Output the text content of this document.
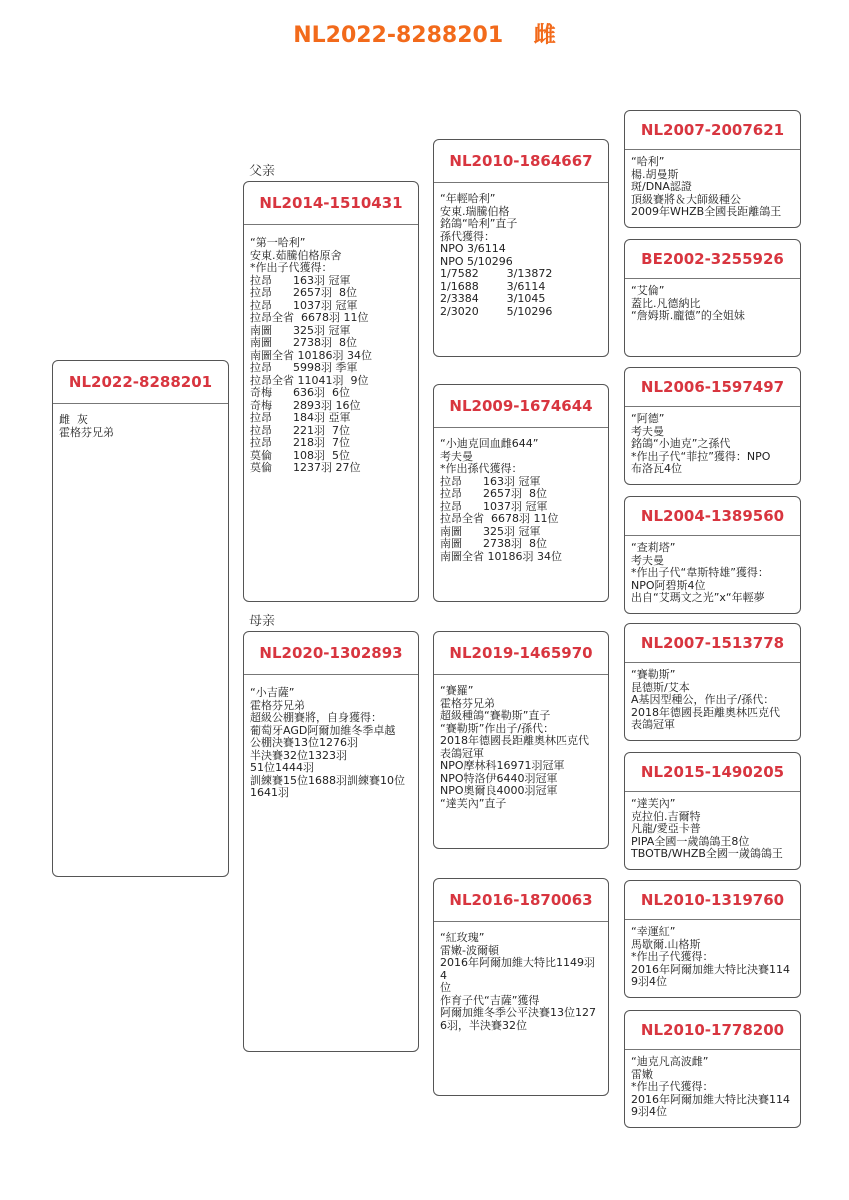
NL2022-8288201    雌
父亲
母亲
NL2022-8288201
雌  灰
霍格芬兄弟
NL2014-1510431
“第一哈利”
安東.茹騰伯格原舍
*作出子代獲得：
拉昂      163羽 冠軍
拉昂      2657羽  8位
拉昂      1037羽 冠軍
拉昂全省  6678羽 11位
南圖      325羽 冠軍
南圖      2738羽  8位
南圖全省 10186羽 34位
拉昂      5998羽 季軍
拉昂全省 11041羽  9位
奇梅      636羽  6位
奇梅      2893羽 16位
拉昂      184羽 亞軍
拉昂      221羽  7位
拉昂      218羽  7位
莫倫      108羽  5位
莫倫      1237羽 27位
NL2020-1302893
“小吉薩”
霍格芬兄弟
超級公棚賽將，自身獲得：
葡萄牙AGD阿爾加維冬季卓越
公棚決賽13位1276羽
半決賽32位1323羽
51位1444羽
訓練賽15位1688羽訓練賽10位
1641羽
NL2010-1864667
“年輕哈利”
安東.瑞騰伯格
銘鴿“哈利”直子
孫代獲得：
NPO 3/6114
NPO 5/10296
1/7582        3/13872
1/1688        3/6114
2/3384        3/1045
2/3020        5/10296
NL2009-1674644
“小迪克回血雌644”
考夫曼
*作出孫代獲得：
拉昂      163羽 冠軍
拉昂      2657羽  8位
拉昂      1037羽 冠軍
拉昂全省  6678羽 11位
南圖      325羽 冠軍
南圖      2738羽  8位
南圖全省 10186羽 34位
NL2019-1465970
“賽羅”
霍格芬兄弟
超級種鴿“賽勒斯”直子
“賽勒斯”作出子/孫代：
2018年德國長距離奧林匹克代
表鴿冠軍
NPO摩林科16971羽冠軍
NPO特洛伊6440羽冠軍
NPO奧爾良4000羽冠軍
“達芙內”直子
NL2016-1870063
“紅玫瑰”
雷嫩-波爾頓
2016年阿爾加維大特比1149羽4
位
作育子代“吉薩”獲得
阿爾加維冬季公平決賽13位127
6羽，半決賽32位
NL2007-2007621
“哈利”
楊.胡曼斯
斑/DNA認證
頂級賽將＆大師級種公
2009年WHZB全國長距離鴿王
BE2002-3255926
“艾倫”
蓋比.凡德納比
“詹姆斯.龐德”的全姐妹
NL2006-1597497
“阿德”
考夫曼
銘鴿“小迪克”之孫代
*作出子代“菲拉”獲得：NPO
布洛瓦4位
NL2004-1389560
“查莉塔”
考夫曼
*作出子代“韋斯特雄”獲得：
NPO阿碧斯4位
出自“艾瑪文之光”x“年輕夢
NL2007-1513778
“賽勒斯”
昆德斯/艾本
A基因型種公，作出子/孫代：
2018年德國長距離奧林匹克代
表鴿冠軍
NL2015-1490205
“達芙內”
克拉伯.吉爾特
凡龍/愛亞卡普
PIPA全國一歲鴿鴿王8位
TBOTB/WHZB全國一歲鴿鴿王
NL2010-1319760
“幸運紅”
馬歇爾.山格斯
*作出子代獲得：
2016年阿爾加維大特比決賽114
9羽4位
NL2010-1778200
“迪克凡高波雌”
雷嫩
*作出子代獲得：
2016年阿爾加維大特比決賽114
9羽4位
